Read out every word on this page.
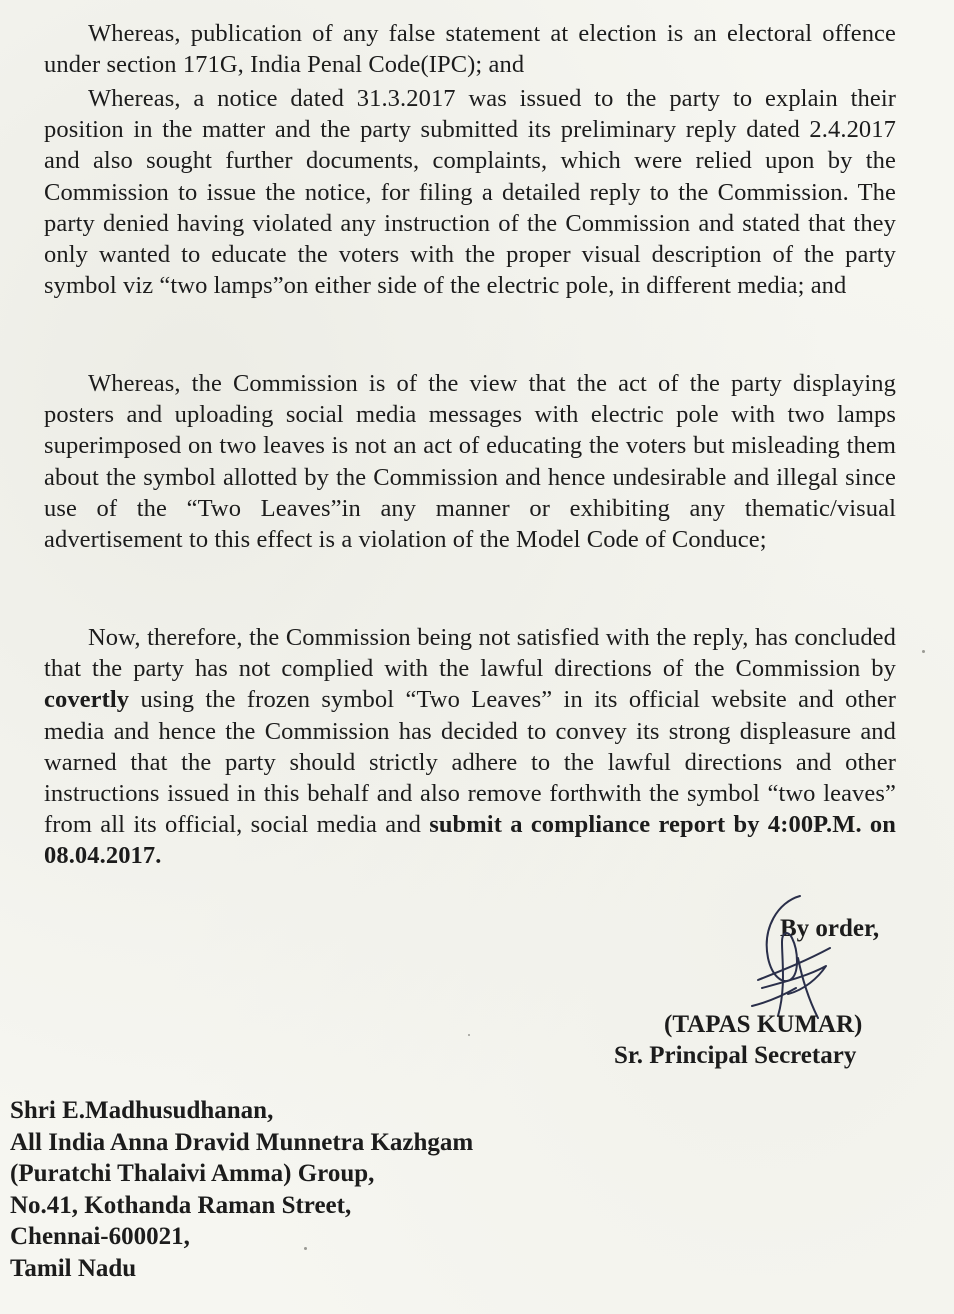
Whereas, publication of any false statement at election is an electoral offence under section 171G, India Penal Code(IPC); and

Whereas, a notice dated 31.3.2017 was issued to the party to explain their position in the matter and the party submitted its preliminary reply dated 2.4.2017 and also sought further documents, complaints, which were relied upon by the Commission to issue the notice, for filing a detailed reply to the Commission. The party denied having violated any instruction of the Commission and stated that they only wanted to educate the voters with the proper visual description of the party symbol viz “two lamps”on either side of the electric pole, in different media; and

Whereas, the Commission is of the view that the act of the party displaying posters and uploading social media messages with electric pole with two lamps superimposed on two leaves is not an act of educating the voters but misleading them about the symbol allotted by the Commission and hence undesirable and illegal since use of the “Two Leaves”in any manner or exhibiting any thematic/visual advertisement to this effect is a violation of the Model Code of Conduce;

Now, therefore, the Commission being not satisfied with the reply, has concluded that the party has not complied with the lawful directions of the Commission by covertly using the frozen symbol “Two Leaves” in its official website and other media and hence the Commission has decided to convey its strong displeasure and warned that the party should strictly adhere to the lawful directions and other instructions issued in this behalf and also remove forthwith the symbol “two leaves” from all its official, social media and submit a compliance report by 4:00P.M. on 08.04.2017.

By order,
(TAPAS KUMAR)
Sr. Principal Secretary
Shri E.Madhusudhanan,
All India Anna Dravid Munnetra Kazhgam
(Puratchi Thalaivi Amma) Group,
No.41, Kothanda Raman Street,
Chennai-600021,
Tamil Nadu
